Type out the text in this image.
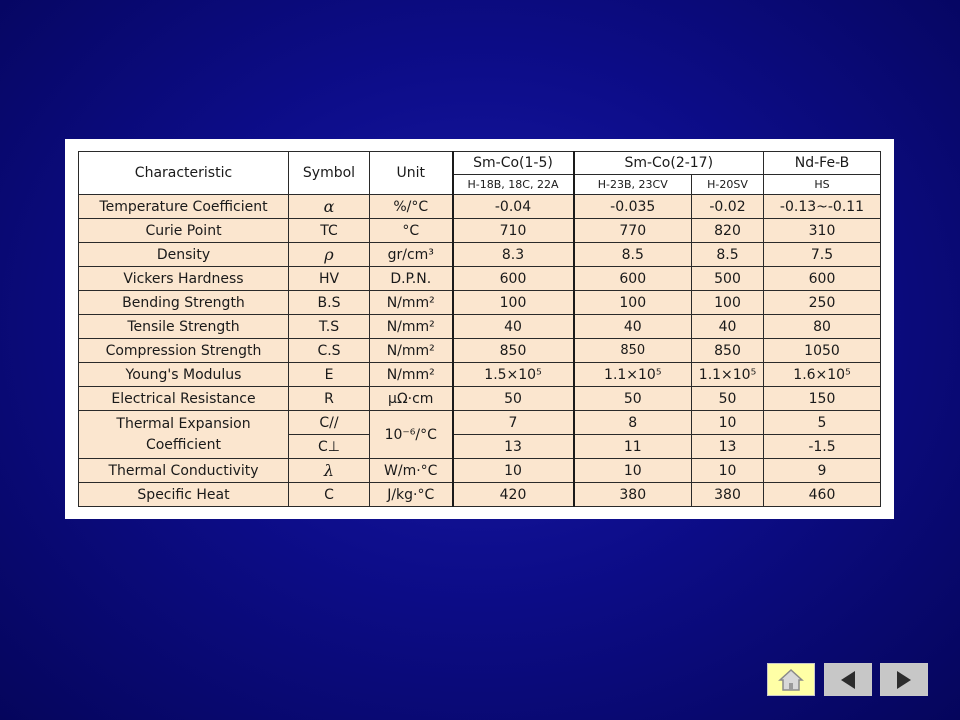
Characteristic	Symbol	Unit	Sm-Co(1-5)	Sm-Co(2-17)		Nd-Fe-B
			H-18B, 18C, 22A	H-23B, 23CV	H-20SV	HS
Temperature Coefficient	α	%/°C	-0.04	-0.035	-0.02	-0.13~-0.11
Curie Point	TC	°C	710	770	820	310
Density	ρ	gr/cm³	8.3	8.5	8.5	7.5
Vickers Hardness	HV	D.P.N.	600	600	500	600
Bending Strength	B.S	N/mm²	100	100	100	250
Tensile Strength	T.S	N/mm²	40	40	40	80
Compression Strength	C.S	N/mm²	850	850	850	1050
Young's Modulus	E	N/mm²	1.5×10⁵	1.1×10⁵	1.1×10⁵	1.6×10⁵
Electrical Resistance	R	μΩ·cm	50	50	50	150

Thermal Expansion
Coefficient	C//	10⁻⁶/°C	7	8	10	5
	C⊥		13	11	13	-1.5
Thermal Conductivity	λ	W/m·°C	10	10	10	9
Specific Heat	C	J/kg·°C	420	380	380	460
